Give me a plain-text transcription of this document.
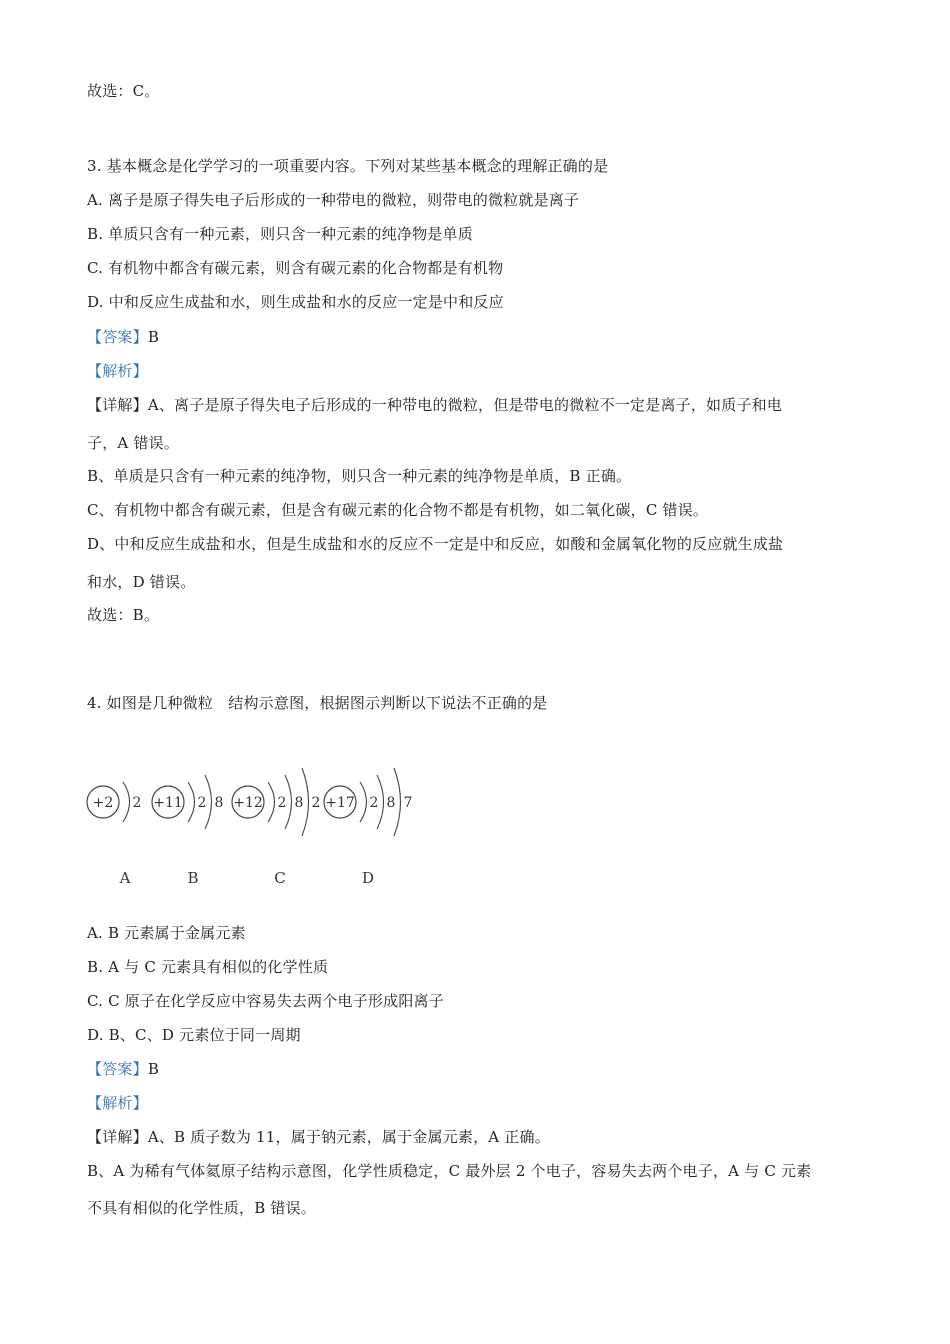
故选：C。
3. 基本概念是化学学习的一项重要内容。下列对某些基本概念的理解正确的是
A. 离子是原子得失电子后形成的一种带电的微粒，则带电的微粒就是离子
B. 单质只含有一种元素，则只含一种元素的纯净物是单质
C. 有机物中都含有碳元素，则含有碳元素的化合物都是有机物
D. 中和反应生成盐和水，则生成盐和水的反应一定是中和反应
【答案】B
【解析】
【详解】A、离子是原子得失电子后形成的一种带电的微粒，但是带电的微粒不一定是离子，如质子和电
子，A 错误。
B、单质是只含有一种元素的纯净物，则只含一种元素的纯净物是单质，B 正确。
C、有机物中都含有碳元素，但是含有碳元素的化合物不都是有机物，如二氧化碳，C 错误。
D、中和反应生成盐和水，但是生成盐和水的反应不一定是中和反应，如酸和金属氧化物的反应就生成盐
和水，D 错误。
故选：B。
4. 如图是几种微粒　结构示意图，根据图示判断以下说法不正确的是
+2 2
A
+11 2 8
B
+12 2 8 2
C
+17 2 8 7
D
A. B 元素属于金属元素
B. A 与 C 元素具有相似的化学性质
C. C 原子在化学反应中容易失去两个电子形成阳离子
D. B、C、D 元素位于同一周期
【答案】B
【解析】
【详解】A、B 质子数为 11，属于钠元素，属于金属元素，A 正确。
B、A 为稀有气体氦原子结构示意图，化学性质稳定，C 最外层 2 个电子，容易失去两个电子，A 与 C 元素
不具有相似的化学性质，B 错误。
